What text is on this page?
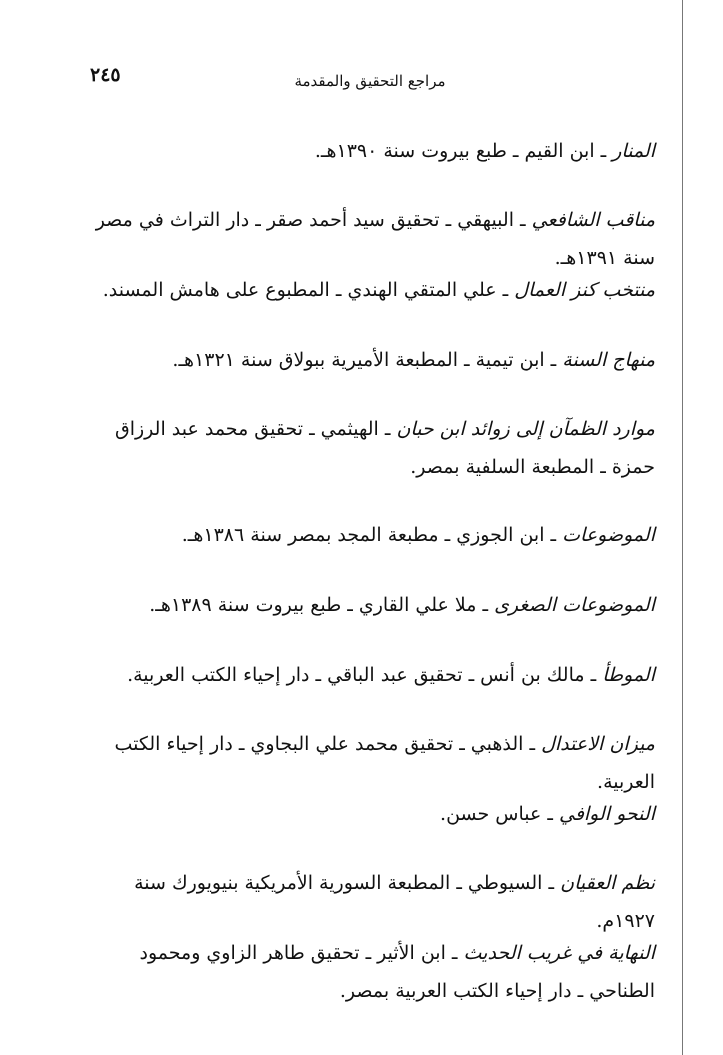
٢٤٥	مراجع التحقيق والمقدمة

المنار ـ ابن القيم ـ طبع بيروت سنة ١٣٩٠هـ.

مناقب الشافعي ـ البيهقي ـ تحقيق سيد أحمد صقر ـ دار التراث في مصر سنة ١٣٩١هـ.

منتخب كنز العمال ـ علي المتقي الهندي ـ المطبوع على هامش المسند.

منهاج السنة ـ ابن تيمية ـ المطبعة الأميرية ببولاق سنة ١٣٢١هـ.

موارد الظمآن إلى زوائد ابن حبان ـ الهيثمي ـ تحقيق محمد عبد الرزاق حمزة ـ المطبعة السلفية بمصر.

الموضوعات ـ ابن الجوزي ـ مطبعة المجد بمصر سنة ١٣٨٦هـ.

الموضوعات الصغرى ـ ملا علي القاري ـ طبع بيروت سنة ١٣٨٩هـ.

الموطأ ـ مالك بن أنس ـ تحقيق عبد الباقي ـ دار إحياء الكتب العربية.

ميزان الاعتدال ـ الذهبي ـ تحقيق محمد علي البجاوي ـ دار إحياء الكتب العربية.

النحو الوافي ـ عباس حسن.

نظم العقيان ـ السيوطي ـ المطبعة السورية الأمريكية بنيويورك سنة ١٩٢٧م.

النهاية في غريب الحديث ـ ابن الأثير ـ تحقيق طاهر الزاوي ومحمود الطناحي ـ دار إحياء الكتب العربية بمصر.
